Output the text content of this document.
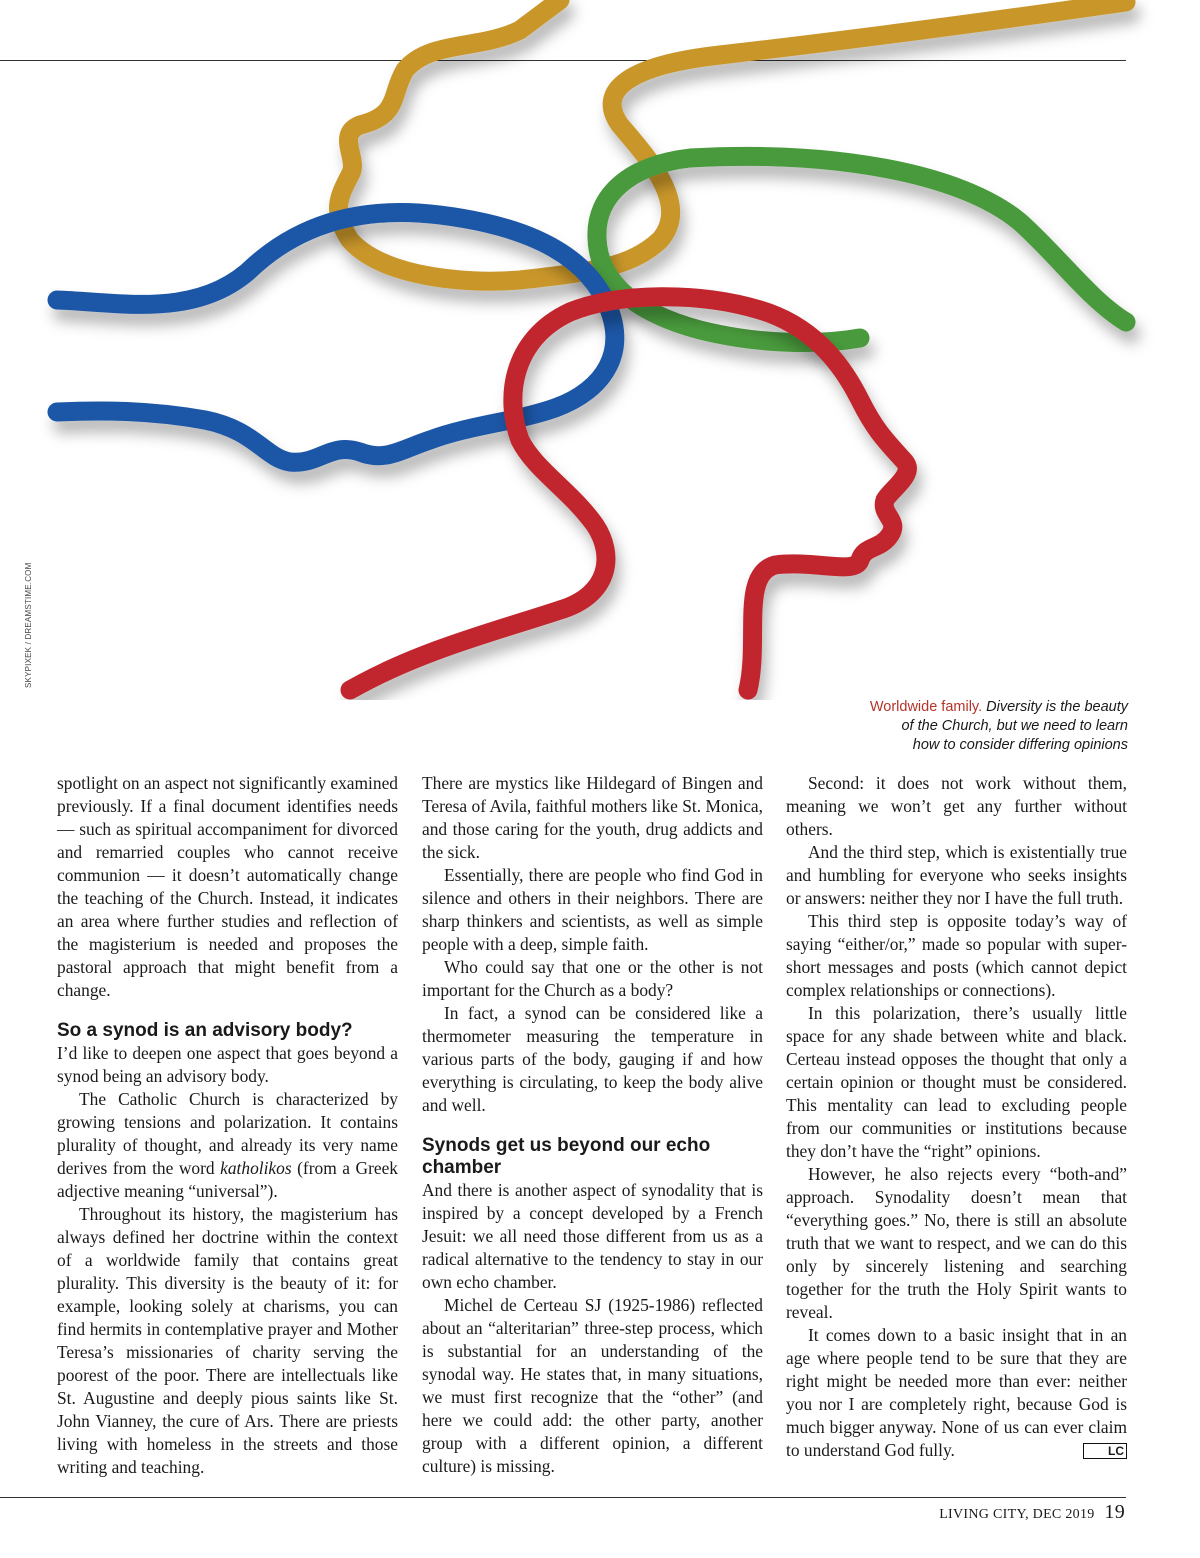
SKYPIXEK / DREAMSTIME.COM
Worldwide family. Diversity is the beauty
of the Church, but we need to learn
how to consider differing opinions

spotlight on an aspect not significantly examined previously. If a final document identifies needs — such as spiritual accompaniment for divorced and remarried couples who cannot receive communion — it doesn’t automatically change the teaching of the Church. Instead, it indicates an area where further studies and reflection of the magisterium is needed and proposes the pastoral approach that might benefit from a change.

So a synod is an advisory body?

I’d like to deepen one aspect that goes beyond a synod being an advisory body.

The Catholic Church is characterized by growing tensions and polarization. It contains plurality of thought, and already its very name derives from the word katholikos (from a Greek adjective meaning “universal”).

Throughout its history, the magisterium has always defined her doctrine within the context of a worldwide family that contains great plurality. This diversity is the beauty of it: for example, looking solely at charisms, you can find hermits in contemplative prayer and Mother Teresa’s missionaries of charity serving the poorest of the poor. There are intellectuals like St. Augustine and deeply pious saints like St. John Vianney, the cure of Ars. There are priests living with homeless in the streets and those writing and teaching.

There are mystics like Hildegard of Bingen and Teresa of Avila, faithful mothers like St. Monica, and those caring for the youth, drug addicts and the sick.

Essentially, there are people who find God in silence and others in their neighbors. There are sharp thinkers and scientists, as well as simple people with a deep, simple faith.

Who could say that one or the other is not important for the Church as a body?

In fact, a synod can be considered like a thermometer measuring the temperature in various parts of the body, gauging if and how everything is circulating, to keep the body alive and well.

Synods get us beyond our echo chamber

And there is another aspect of synodality that is inspired by a concept developed by a French Jesuit: we all need those different from us as a radical alternative to the tendency to stay in our own echo chamber.

Michel de Certeau SJ (1925-1986) reflected about an “alteritarian” three-step process, which is substantial for an understanding of the synodal way. He states that, in many situations, we must first recognize that the “other” (and here we could add: the other party, another group with a different opinion, a different culture) is missing.

Second: it does not work without them, meaning we won’t get any further without others.

And the third step, which is existentially true and humbling for everyone who seeks insights or answers: neither they nor I have the full truth.

This third step is opposite today’s way of saying “either/or,” made so popular with super-short messages and posts (which cannot depict complex relationships or connections).

In this polarization, there’s usually little space for any shade between white and black. Certeau instead opposes the thought that only a certain opinion or thought must be considered. This mentality can lead to excluding people from our communities or institutions because they don’t have the “right” opinions.

However, he also rejects every “both-and” approach. Synodality doesn’t mean that “everything goes.” No, there is still an absolute truth that we want to respect, and we can do this only by sincerely listening and searching together for the truth the Holy Spirit wants to reveal.

It comes down to a basic insight that in an age where people tend to be sure that they are right might be needed more than ever: neither you nor I are completely right, because God is much bigger anyway. None of us can ever claim to understand God fully.	LC

LIVING CITY, DEC 2019 19
